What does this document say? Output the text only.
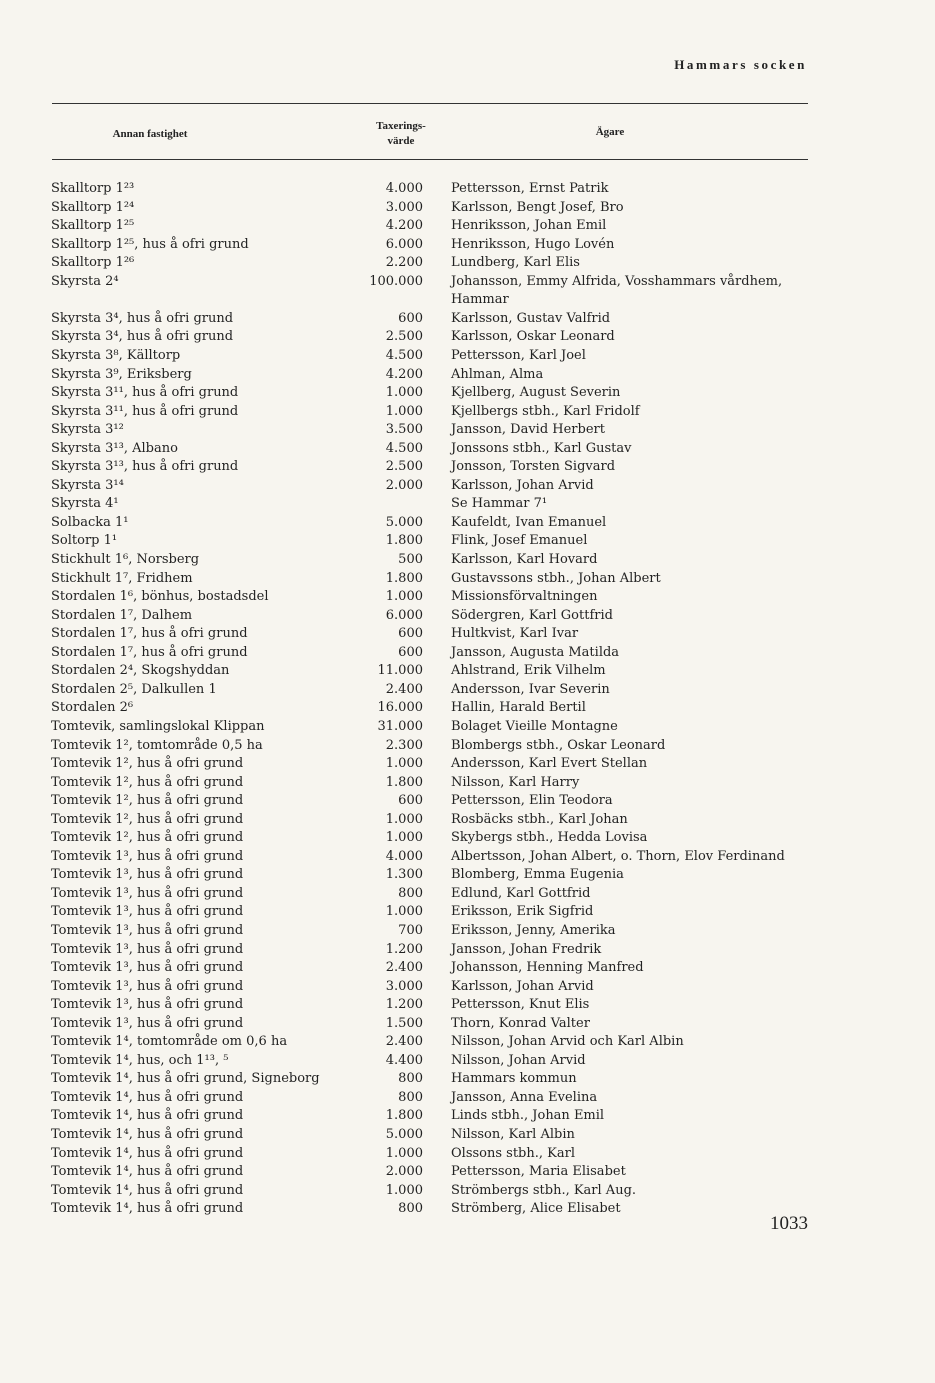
Hammars socken
Annan fastighet
Taxerings-
värde
Ägare
Skalltorp 1²³	4.000 Pettersson, Ernst Patrik
Skalltorp 1²⁴	3.000 Karlsson, Bengt Josef, Bro
Skalltorp 1²⁵	4.200 Henriksson, Johan Emil
Skalltorp 1²⁵, hus å ofri grund	6.000 Henriksson, Hugo Lovén
Skalltorp 1²⁶	2.200 Lundberg, Karl Elis
Skyrsta 2⁴	100.000 Johansson, Emmy Alfrida, Vosshammars vårdhem, Hammar
Skyrsta 3⁴, hus å ofri grund	600 Karlsson, Gustav Valfrid
Skyrsta 3⁴, hus å ofri grund	2.500 Karlsson, Oskar Leonard
Skyrsta 3⁸, Källtorp	4.500 Pettersson, Karl Joel
Skyrsta 3⁹, Eriksberg	4.200 Ahlman, Alma
Skyrsta 3¹¹, hus å ofri grund	1.000 Kjellberg, August Severin
Skyrsta 3¹¹, hus å ofri grund	1.000 Kjellbergs stbh., Karl Fridolf
Skyrsta 3¹²	3.500 Jansson, David Herbert
Skyrsta 3¹³, Albano	4.500 Jonssons stbh., Karl Gustav
Skyrsta 3¹³, hus å ofri grund	2.500 Jonsson, Torsten Sigvard
Skyrsta 3¹⁴	2.000 Karlsson, Johan Arvid
Skyrsta 4¹	Se Hammar 7¹
Solbacka 1¹	5.000 Kaufeldt, Ivan Emanuel
Soltorp 1¹	1.800 Flink, Josef Emanuel
Stickhult 1⁶, Norsberg	500 Karlsson, Karl Hovard
Stickhult 1⁷, Fridhem	1.800 Gustavssons stbh., Johan Albert
Stordalen 1⁶, bönhus, bostadsdel	1.000 Missionsförvaltningen
Stordalen 1⁷, Dalhem	6.000 Södergren, Karl Gottfrid
Stordalen 1⁷, hus å ofri grund	600 Hultkvist, Karl Ivar
Stordalen 1⁷, hus å ofri grund	600 Jansson, Augusta Matilda
Stordalen 2⁴, Skogshyddan	11.000 Ahlstrand, Erik Vilhelm
Stordalen 2⁵, Dalkullen 1	2.400 Andersson, Ivar Severin
Stordalen 2⁶	16.000 Hallin, Harald Bertil
Tomtevik, samlingslokal Klippan	31.000 Bolaget Vieille Montagne
Tomtevik 1², tomtområde 0,5 ha	2.300 Blombergs stbh., Oskar Leonard
Tomtevik 1², hus å ofri grund	1.000 Andersson, Karl Evert Stellan
Tomtevik 1², hus å ofri grund	1.800 Nilsson, Karl Harry
Tomtevik 1², hus å ofri grund	600 Pettersson, Elin Teodora
Tomtevik 1², hus å ofri grund	1.000 Rosbäcks stbh., Karl Johan
Tomtevik 1², hus å ofri grund	1.000 Skybergs stbh., Hedda Lovisa
Tomtevik 1³, hus å ofri grund	4.000 Albertsson, Johan Albert, o. Thorn, Elov Ferdinand
Tomtevik 1³, hus å ofri grund	1.300 Blomberg, Emma Eugenia
Tomtevik 1³, hus å ofri grund	800 Edlund, Karl Gottfrid
Tomtevik 1³, hus å ofri grund	1.000 Eriksson, Erik Sigfrid
Tomtevik 1³, hus å ofri grund	700 Eriksson, Jenny, Amerika
Tomtevik 1³, hus å ofri grund	1.200 Jansson, Johan Fredrik
Tomtevik 1³, hus å ofri grund	2.400 Johansson, Henning Manfred
Tomtevik 1³, hus å ofri grund	3.000 Karlsson, Johan Arvid
Tomtevik 1³, hus å ofri grund	1.200 Pettersson, Knut Elis
Tomtevik 1³, hus å ofri grund	1.500 Thorn, Konrad Valter
Tomtevik 1⁴, tomtområde om 0,6 ha	2.400 Nilsson, Johan Arvid och Karl Albin
Tomtevik 1⁴, hus, och 1¹³, ⁵	4.400 Nilsson, Johan Arvid
Tomtevik 1⁴, hus å ofri grund, Signeborg	800 Hammars kommun
Tomtevik 1⁴, hus å ofri grund	800 Jansson, Anna Evelina
Tomtevik 1⁴, hus å ofri grund	1.800 Linds stbh., Johan Emil
Tomtevik 1⁴, hus å ofri grund	5.000 Nilsson, Karl Albin
Tomtevik 1⁴, hus å ofri grund	1.000 Olssons stbh., Karl
Tomtevik 1⁴, hus å ofri grund	2.000 Pettersson, Maria Elisabet
Tomtevik 1⁴, hus å ofri grund	1.000 Strömbergs stbh., Karl Aug.
Tomtevik 1⁴, hus å ofri grund	800 Strömberg, Alice Elisabet
1033
